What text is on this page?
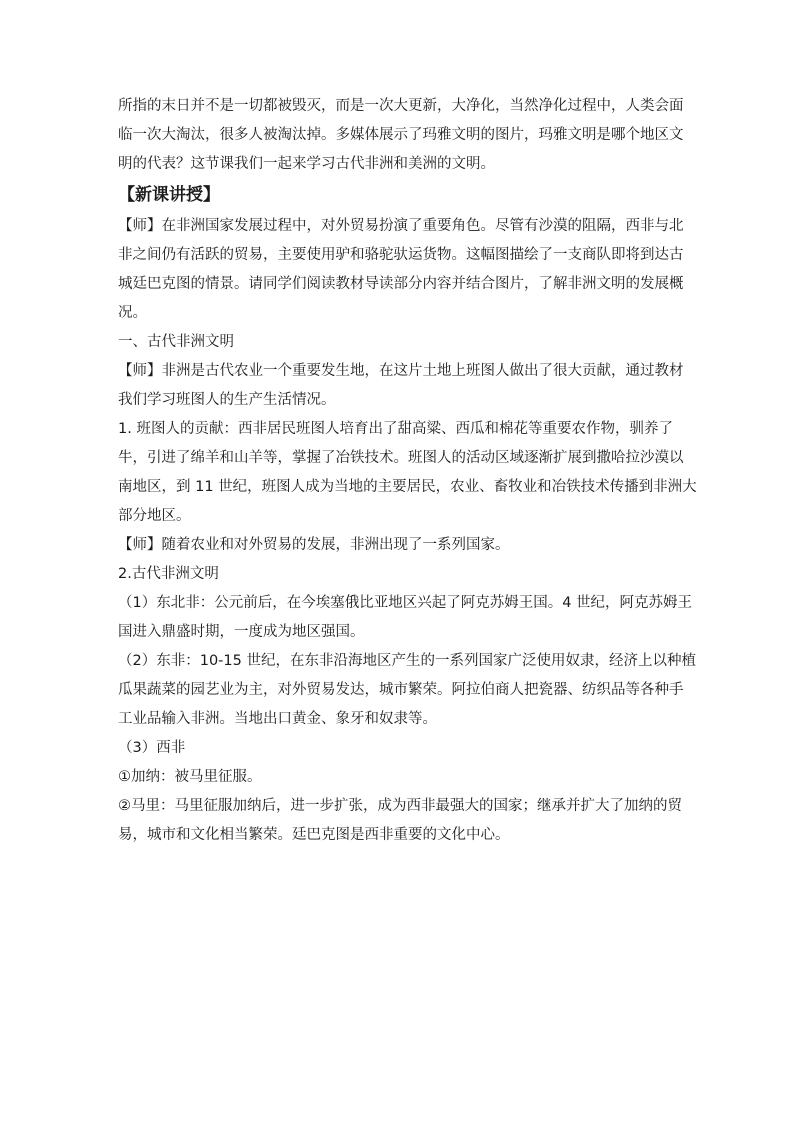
所指的末日并不是一切都被毁灭，而是一次大更新，大净化，当然净化过程中，人类会面

临一次大淘汰，很多人被淘汰掉。多媒体展示了玛雅文明的图片，玛雅文明是哪个地区文

明的代表？这节课我们一起来学习古代非洲和美洲的文明。

【新课讲授】

【师】在非洲国家发展过程中，对外贸易扮演了重要角色。尽管有沙漠的阻隔，西非与北

非之间仍有活跃的贸易，主要使用驴和骆驼驮运货物。这幅图描绘了一支商队即将到达古

城廷巴克图的情景。请同学们阅读教材导读部分内容并结合图片，了解非洲文明的发展概

况。

一、古代非洲文明

【师】非洲是古代农业一个重要发生地，在这片土地上班图人做出了很大贡献，通过教材

我们学习班图人的生产生活情况。

1. 班图人的贡献：西非居民班图人培育出了甜高粱、西瓜和棉花等重要农作物，驯养了

牛，引进了绵羊和山羊等，掌握了冶铁技术。班图人的活动区域逐渐扩展到撒哈拉沙漠以

南地区，到 11 世纪，班图人成为当地的主要居民，农业、畜牧业和冶铁技术传播到非洲大

部分地区。

【师】随着农业和对外贸易的发展，非洲出现了一系列国家。

2.古代非洲文明

（1）东北非：公元前后，在今埃塞俄比亚地区兴起了阿克苏姆王国。4 世纪，阿克苏姆王

国进入鼎盛时期，一度成为地区强国。

（2）东非：10-15 世纪，在东非沿海地区产生的一系列国家广泛使用奴隶，经济上以种植

瓜果蔬菜的园艺业为主，对外贸易发达，城市繁荣。阿拉伯商人把瓷器、纺织品等各种手

工业品输入非洲。当地出口黄金、象牙和奴隶等。

（3）西非

①加纳：被马里征服。

②马里：马里征服加纳后，进一步扩张，成为西非最强大的国家；继承并扩大了加纳的贸

易，城市和文化相当繁荣。廷巴克图是西非重要的文化中心。
